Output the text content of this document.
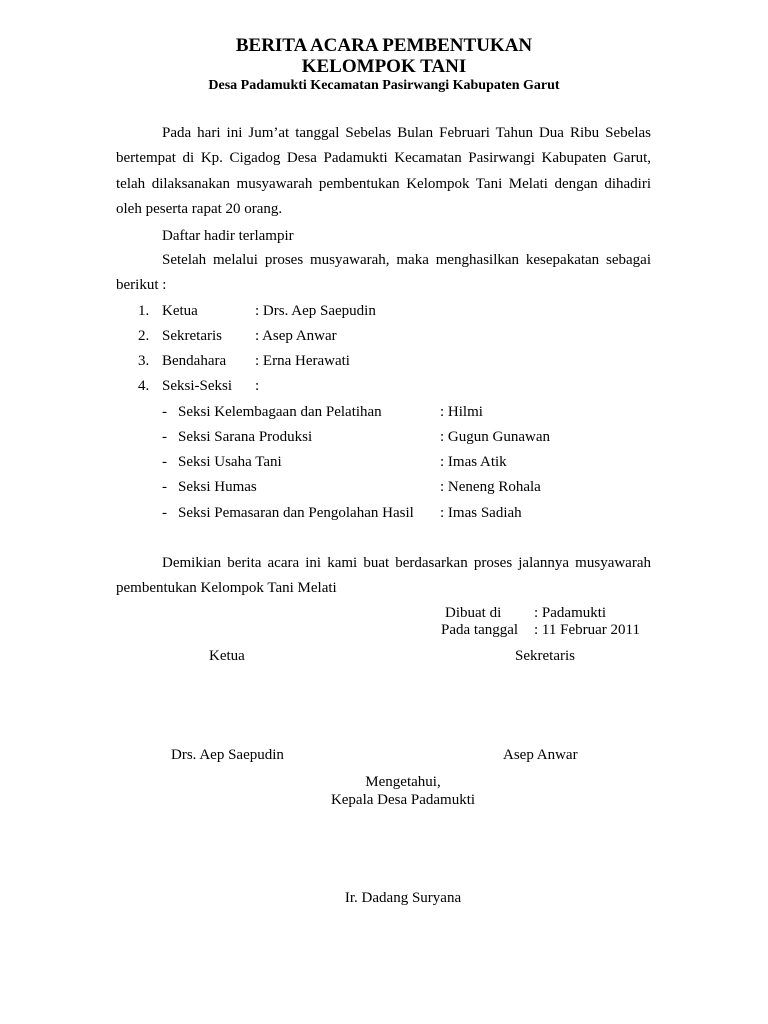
BERITA ACARA PEMBENTUKAN
KELOMPOK TANI
Desa Padamukti Kecamatan Pasirwangi Kabupaten Garut
Pada hari ini Jum’at tanggal Sebelas Bulan Februari Tahun Dua Ribu Sebelas
bertempat di Kp. Cigadog Desa Padamukti Kecamatan Pasirwangi Kabupaten Garut,
telah dilaksanakan musyawarah pembentukan Kelompok Tani Melati dengan dihadiri
oleh peserta rapat 20 orang.
Daftar hadir terlampir
Setelah melalui proses musyawarah, maka menghasilkan kesepakatan sebagai
berikut :
1. Ketua	: Drs. Aep Saepudin
2. Sekretaris : Asep Anwar
3. Bendahara : Erna Herawati
4. Seksi-Seksi :
- Seksi Kelembagaan dan Pelatihan	: Hilmi
- Seksi Sarana Produksi	: Gugun Gunawan
- Seksi Usaha Tani	: Imas Atik
- Seksi Humas	: Neneng Rohala
- Seksi Pemasaran dan Pengolahan Hasil : Imas Sadiah
Demikian berita acara ini kami buat berdasarkan proses jalannya musyawarah
pembentukan Kelompok Tani Melati
Dibuat di : Padamukti
Pada tanggal : 11 Februar 2011
Ketua	Sekretaris
Drs. Aep Saepudin	Asep Anwar
Mengetahui,
Kepala Desa Padamukti
Ir. Dadang Suryana
